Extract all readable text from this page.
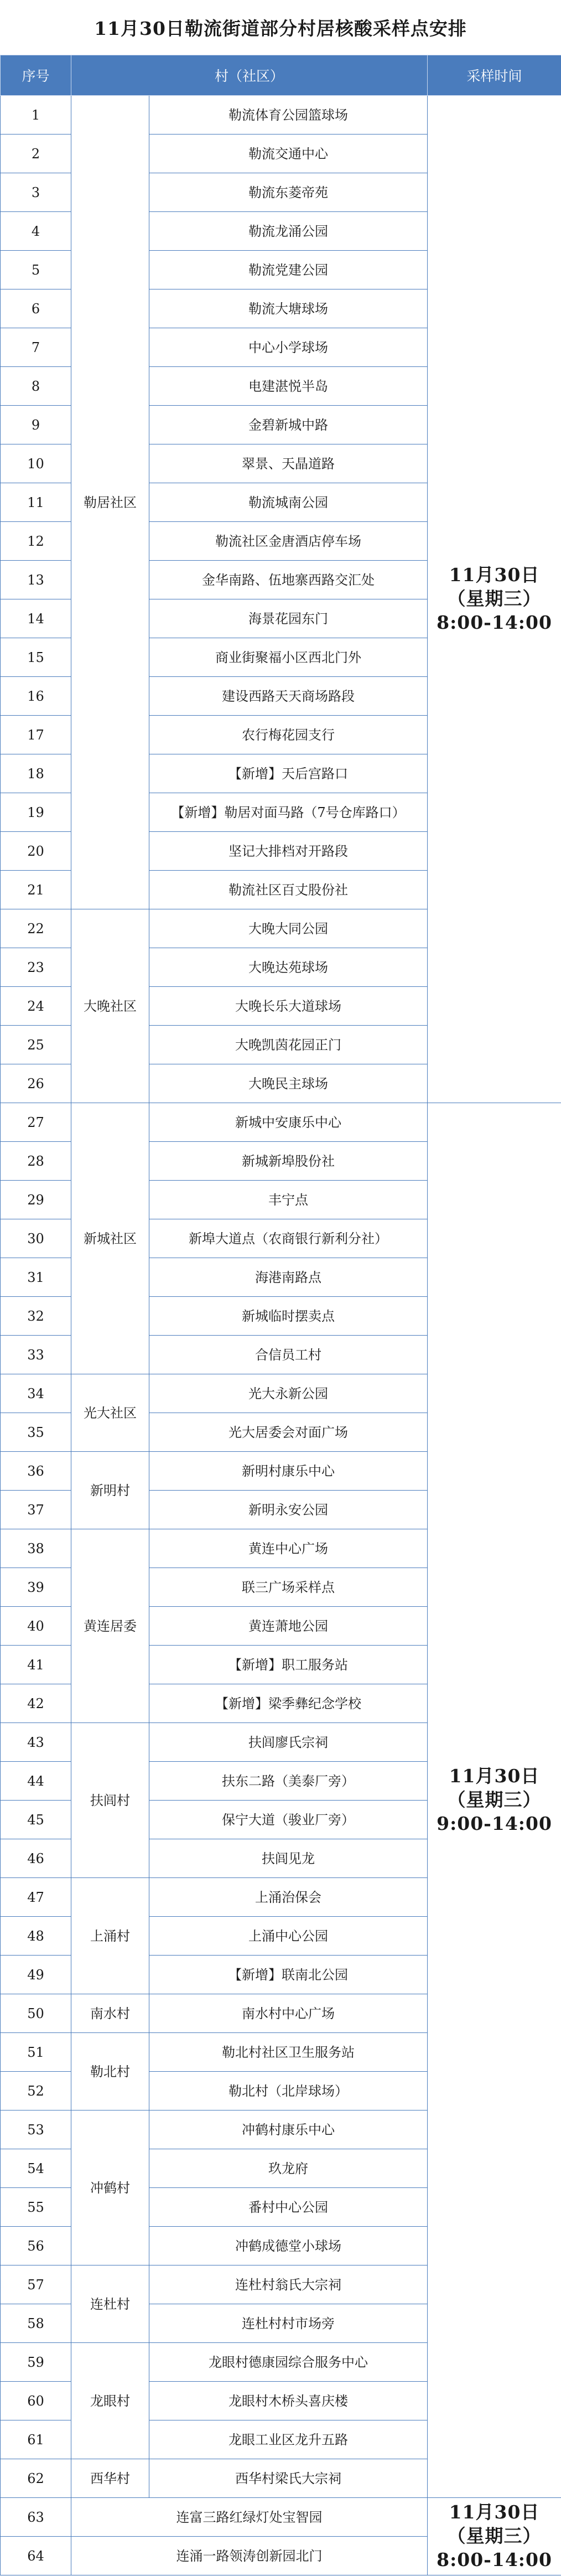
11月30日勒流街道部分村居核酸采样点安排
序号	村（社区）		采样时间
1	勒居社区	勒流体育公园篮球场	11月30日
（星期三）
8:00-14:00

2		勒流交通中心	
3		勒流东菱帝苑	
4		勒流龙涌公园	
5		勒流党建公园	
6		勒流大塘球场	
7		中心小学球场	
8		电建湛悦半岛	
9		金碧新城中路	
10		翠景、天晶道路	
11		勒流城南公园	
12		勒流社区金唐酒店停车场	
13		金华南路、伍地寨西路交汇处	
14		海景花园东门	
15		商业街聚福小区西北门外	
16		建设西路天天商场路段	
17		农行梅花园支行	
18		【新增】天后宫路口	
19		【新增】勒居对面马路（7号仓库路口）	
20		坚记大排档对开路段	
21		勒流社区百丈股份社	
22	大晚社区	大晚大同公园	
23		大晚达苑球场	
24		大晚长乐大道球场	
25		大晚凯茵花园正门	
26		大晚民主球场	
27	新城社区	新城中安康乐中心	11月30日
（星期三）
9:00-14:00

28		新城新埠股份社	
29		丰宁点	
30		新埠大道点（农商银行新利分社）	
31		海港南路点	
32		新城临时摆卖点	
33		合信员工村	
34	光大社区	光大永新公园	
35		光大居委会对面广场	
36	新明村	新明村康乐中心	
37		新明永安公园	
38	黄连居委	黄连中心广场	
39		联三广场采样点	
40		黄连萧地公园	
41		【新增】职工服务站	
42		【新增】梁季彝纪念学校	
43	扶闾村	扶闾廖氏宗祠	
44		扶东二路（美泰厂旁）	
45		保宁大道（骏业厂旁）	
46		扶闾见龙	
47	上涌村	上涌治保会	
48		上涌中心公园	
49		【新增】联南北公园	
50	南水村	南水村中心广场	
51	勒北村	勒北村社区卫生服务站	
52		勒北村（北岸球场）	
53	冲鹤村	冲鹤村康乐中心	
54		玖龙府	
55		番村中心公园	
56		冲鹤成德堂小球场	
57	连杜村	连杜村翁氏大宗祠	
58		连杜村村市场旁	
59	龙眼村	龙眼村德康园综合服务中心	
60		龙眼村木桥头喜庆楼	
61		龙眼工业区龙升五路	
62	西华村	西华村梁氏大宗祠	
63	连富三路红绿灯处宝智园		11月30日
（星期三）
8:00-14:00

64	连涌一路领涛创新园北门		
